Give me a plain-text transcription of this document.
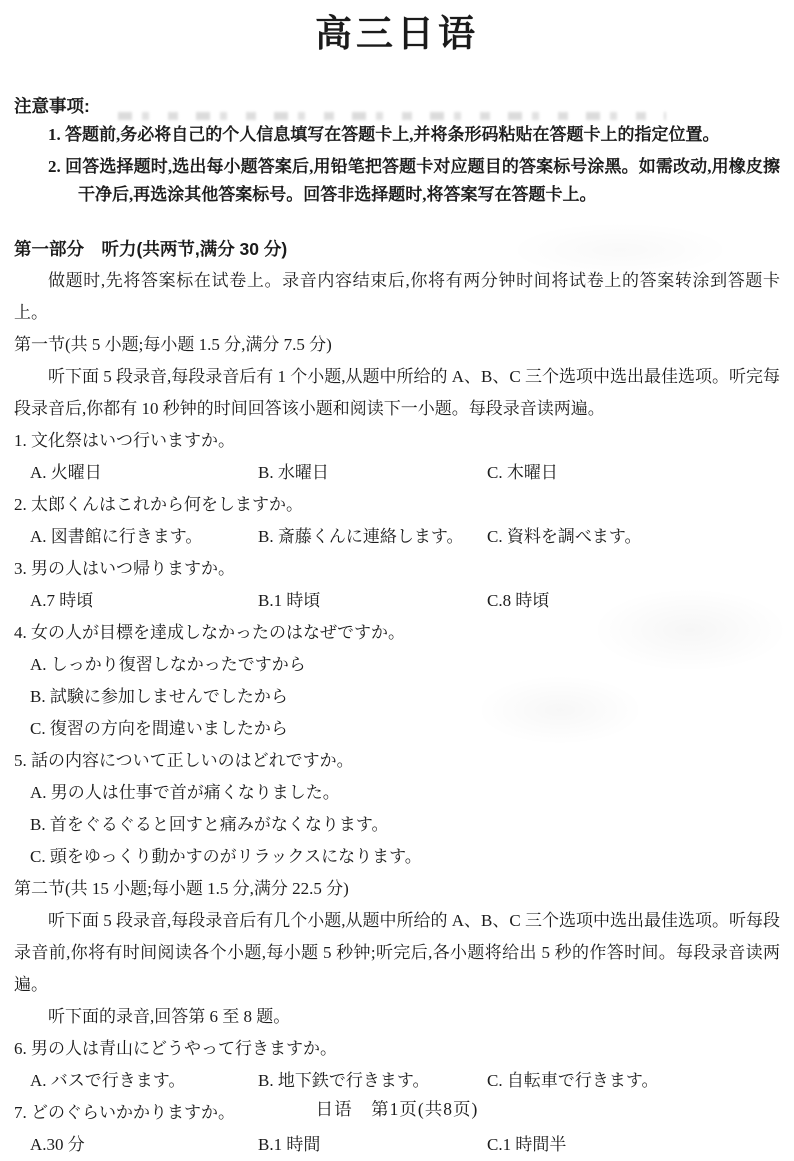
高三日语
注意事项:
1. 答题前,务必将自己的个人信息填写在答题卡上,并将条形码粘贴在答题卡上的指定位置。
2. 回答选择题时,选出每小题答案后,用铅笔把答题卡对应题目的答案标号涂黑。如需改动,用橡皮擦干净后,再选涂其他答案标号。回答非选择题时,将答案写在答题卡上。
第一部分　听力(共两节,满分 30 分)
做题时,先将答案标在试卷上。录音内容结束后,你将有两分钟时间将试卷上的答案转涂到答题卡上。
第一节(共 5 小题;每小题 1.5 分,满分 7.5 分)
听下面 5 段录音,每段录音后有 1 个小题,从题中所给的 A、B、C 三个选项中选出最佳选项。听完每段录音后,你都有 10 秒钟的时间回答该小题和阅读下一小题。每段录音读两遍。
1. 文化祭はいつ行いますか。
A. 火曜日	B. 水曜日	C. 木曜日
2. 太郎くんはこれから何をしますか。
A. 図書館に行きます。	B. 斎藤くんに連絡します。	C. 資料を調べます。
3. 男の人はいつ帰りますか。
A.7 時頃	B.1 時頃	C.8 時頃
4. 女の人が目標を達成しなかったのはなぜですか。
A. しっかり復習しなかったですから
B. 試験に参加しませんでしたから
C. 復習の方向を間違いましたから
5. 話の内容について正しいのはどれですか。
A. 男の人は仕事で首が痛くなりました。
B. 首をぐるぐると回すと痛みがなくなります。
C. 頭をゆっくり動かすのがリラックスになります。
第二节(共 15 小题;每小题 1.5 分,满分 22.5 分)
听下面 5 段录音,每段录音后有几个小题,从题中所给的 A、B、C 三个选项中选出最佳选项。听每段录音前,你将有时间阅读各个小题,每小题 5 秒钟;听完后,各小题将给出 5 秒的作答时间。每段录音读两遍。
听下面的录音,回答第 6 至 8 题。
6. 男の人は青山にどうやって行きますか。
A. バスで行きます。	B. 地下鉄で行きます。	C. 自転車で行きます。
7. どのぐらいかかりますか。
A.30 分	B.1 時間	C.1 時間半
日语　第1页(共8页)
